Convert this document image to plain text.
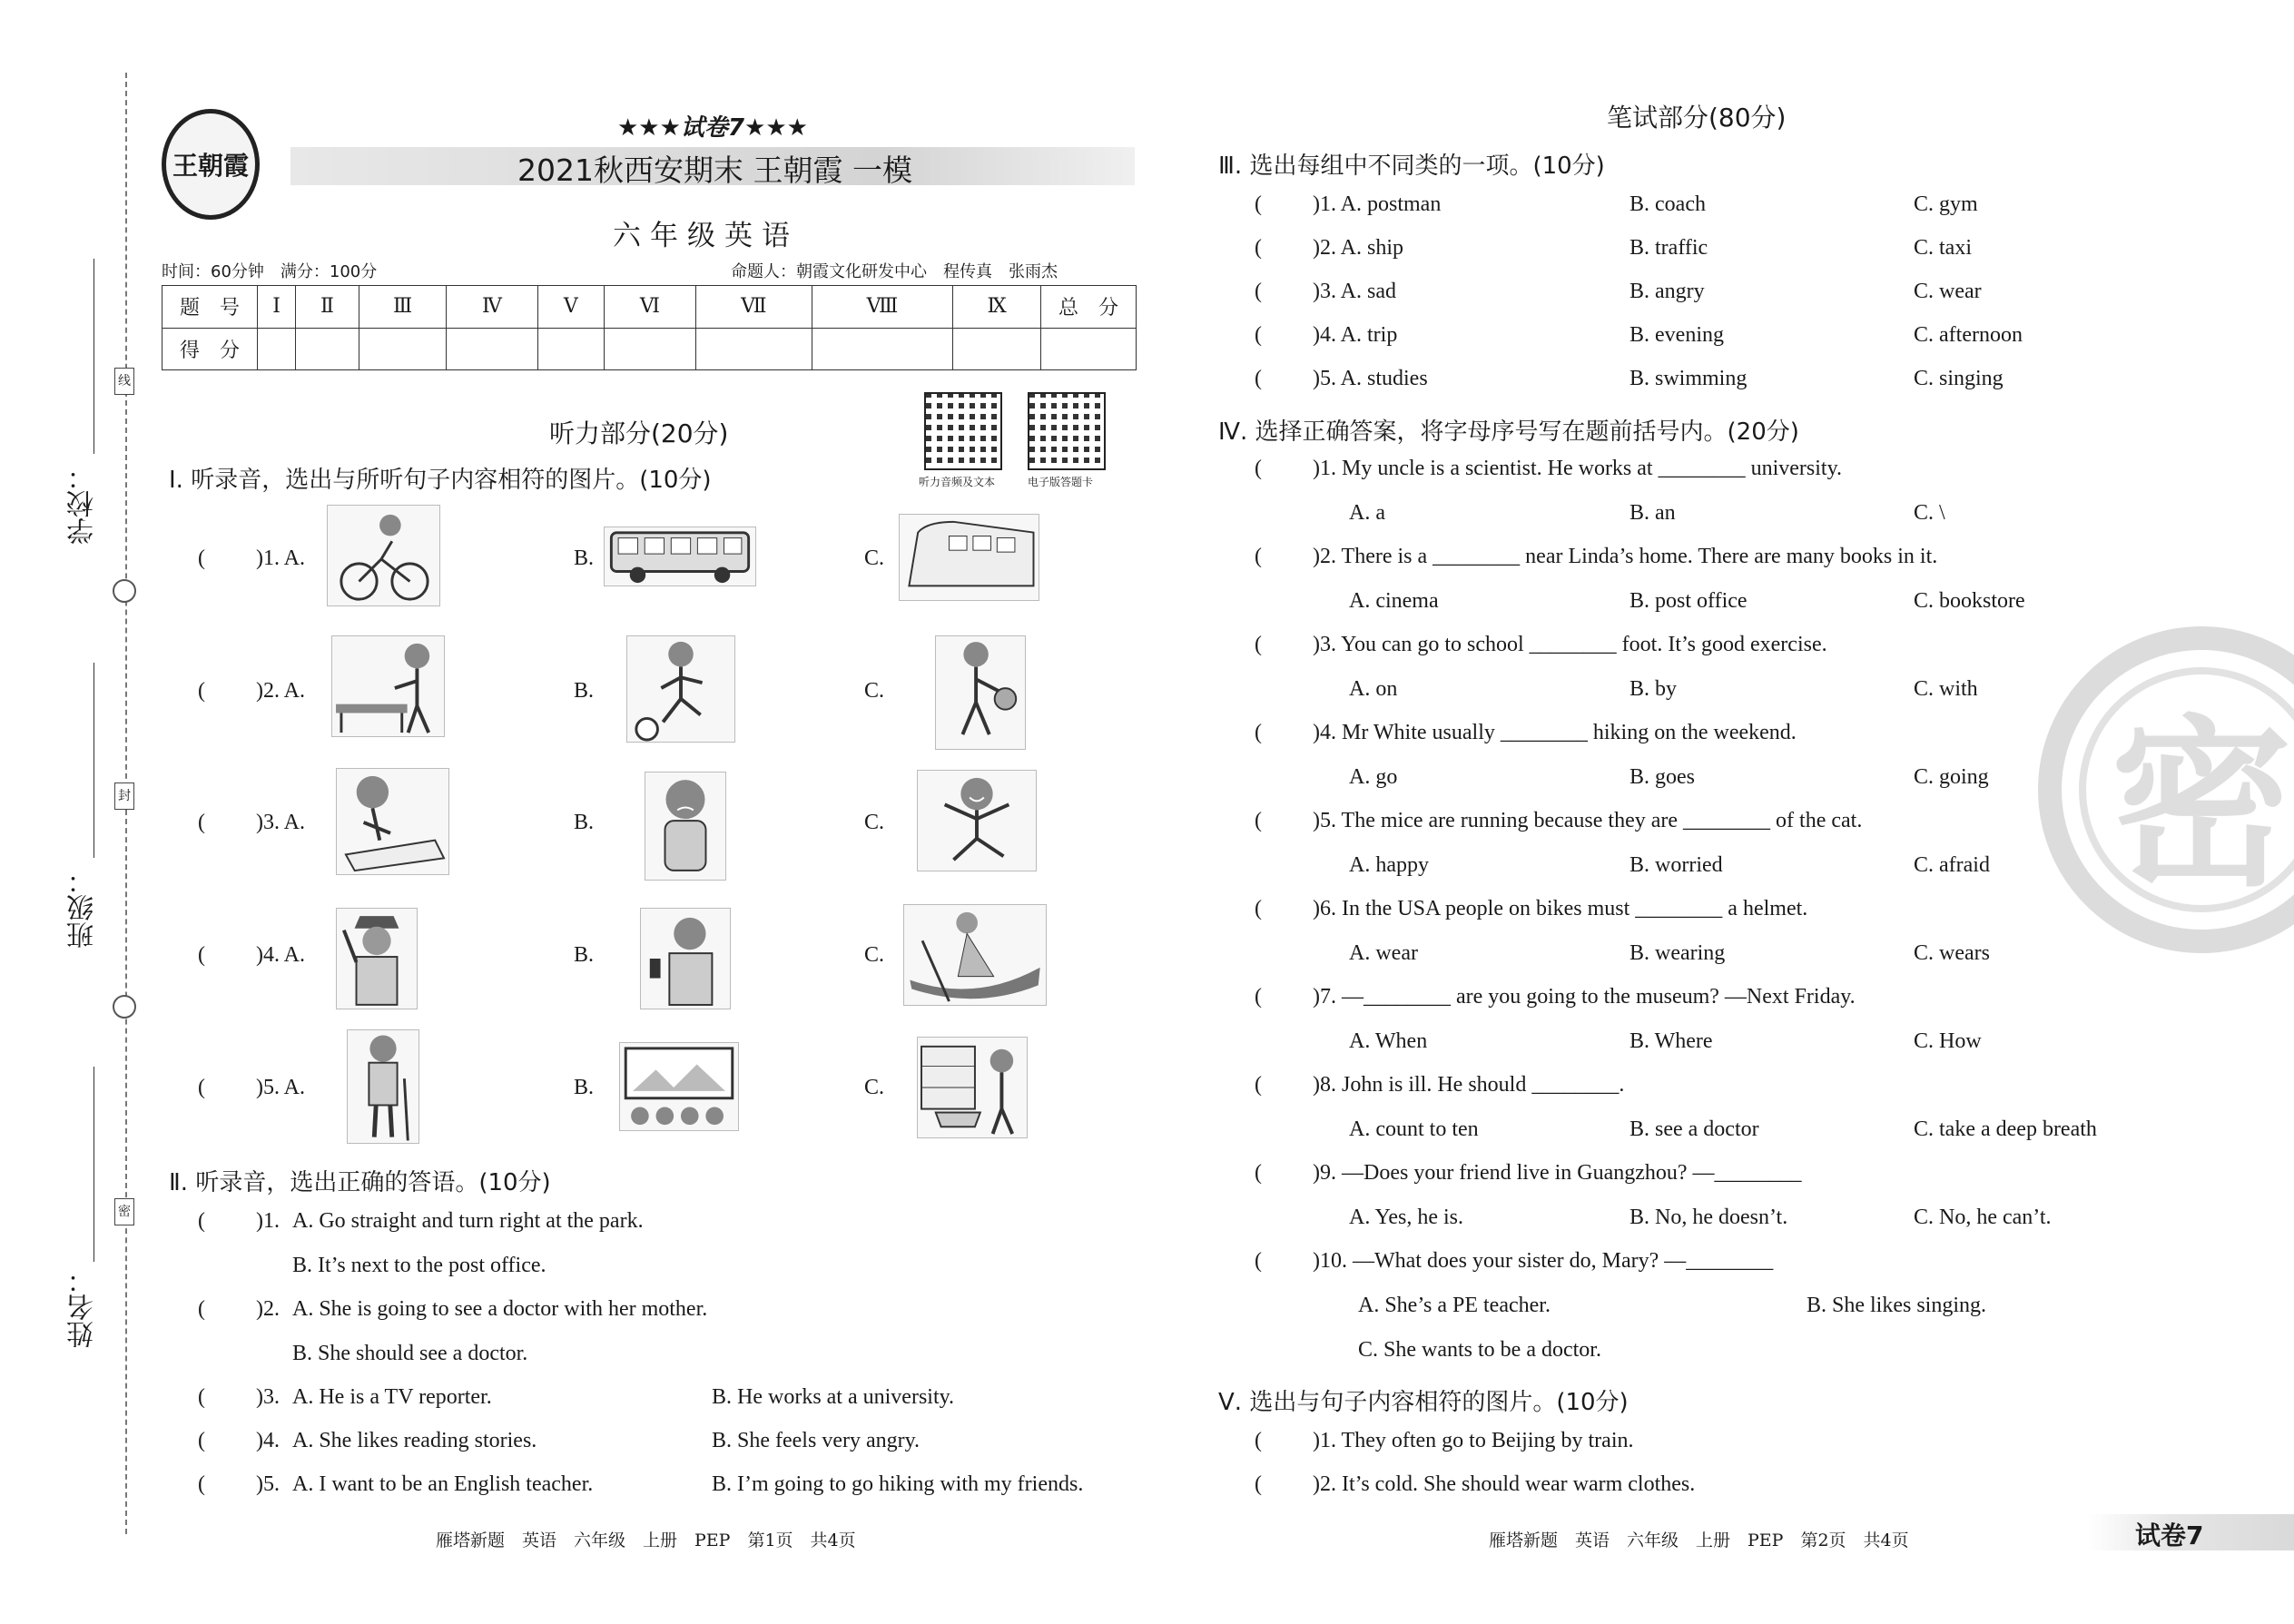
学校：
班级：
姓名：
线
封
密
王朝霞
★★★试卷7★★★
2021秋西安期末 王朝霞 一模
六年级英语
时间：60分钟　满分：100分	命题人：朝霞文化研发中心　程传真　张雨杰
题　号	Ⅰ	Ⅱ	Ⅲ	Ⅳ	Ⅴ	Ⅵ	Ⅶ	Ⅷ	Ⅸ	总　分
得　分										
听力部分(20分)
听力音频及文本	电子版答题卡
Ⅰ. 听录音，选出与所听句子内容相符的图片。(10分)
( )1. A.	B.	C.
( )2. A.	B.	C.
( )3. A.	B.	C.
( )4. A.	B.	C.
( )5. A.	B.	C.
Ⅱ. 听录音，选出正确的答语。(10分)
( )1. A. Go straight and turn right at the park.
B. It’s next to the post office.
( )2. A. She is going to see a doctor with her mother.
B. She should see a doctor.
( )3. A. He is a TV reporter.	B. He works at a university.
( )4. A. She likes reading stories.	B. She feels very angry.
( )5. A. I want to be an English teacher.	B. I’m going to go hiking with my friends.
雁塔新题　英语　六年级　上册　PEP　第1页　共4页
密
笔试部分(80分)
Ⅲ. 选出每组中不同类的一项。(10分)
( )1. A. postman	B. coach	C. gym
( )2. A. ship	B. traffic	C. taxi
( )3. A. sad	B. angry	C. wear
( )4. A. trip	B. evening	C. afternoon
( )5. A. studies	B. swimming	C. singing
Ⅳ. 选择正确答案，将字母序号写在题前括号内。(20分)
( )1. My uncle is a scientist. He works at ________ university.
A. a	B. an	C. \
( )2. There is a ________ near Linda’s home. There are many books in it.
A. cinema	B. post office	C. bookstore
( )3. You can go to school ________ foot. It’s good exercise.
A. on	B. by	C. with
( )4. Mr White usually ________ hiking on the weekend.
A. go	B. goes	C. going
( )5. The mice are running because they are ________ of the cat.
A. happy	B. worried	C. afraid
( )6. In the USA people on bikes must ________ a helmet.
A. wear	B. wearing	C. wears
( )7. —________ are you going to the museum? —Next Friday.
A. When	B. Where	C. How
( )8. John is ill. He should ________.
A. count to ten	B. see a doctor	C. take a deep breath
( )9. —Does your friend live in Guangzhou? —________
A. Yes, he is.	B. No, he doesn’t.	C. No, he can’t.
( )10. —What does your sister do, Mary? —________
A. She’s a PE teacher.	B. She likes singing.
C. She wants to be a doctor.
Ⅴ. 选出与句子内容相符的图片。(10分)
( )1. They often go to Beijing by train.
( )2. It’s cold. She should wear warm clothes.
雁塔新题　英语　六年级　上册　PEP　第2页　共4页	试卷7
